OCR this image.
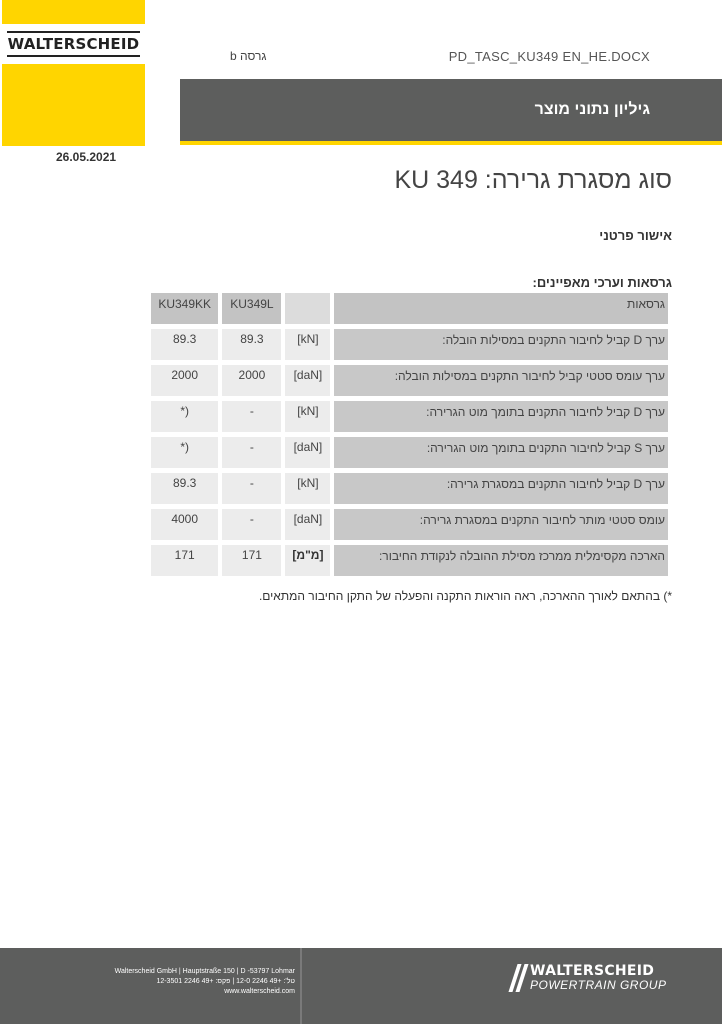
WALTERSCHEID
גרסה b	PD_TASC_KU349 EN_HE.DOCX
גיליון נתוני מוצר
26.05.2021
סוג מסגרת גרירה: KU 349
אישור פרטני
גרסאות וערכי מאפיינים:
KU349KK	KU349L		גרסאות
89.3	89.3	[kN]	ערך D קביל לחיבור התקנים במסילות הובלה:
2000	2000	[daN]	ערך עומס סטטי קביל לחיבור התקנים במסילות הובלה:
*)	-	[kN]	ערך D קביל לחיבור התקנים בתומך מוט הגרירה:
*)	-	[daN]	ערך S קביל לחיבור התקנים בתומך מוט הגרירה:
89.3	-	[kN]	ערך D קביל לחיבור התקנים במסגרת גרירה:
4000	-	[daN]	עומס סטטי מותר לחיבור התקנים במסגרת גרירה:
171	171	[מ"מ]	הארכה מקסימלית ממרכז מסילת ההובלה לנקודת החיבור:
*) בהתאם לאורך ההארכה, ראה הוראות התקנה והפעלה של התקן החיבור המתאים.
Walterscheid GmbH | Hauptstraße 150 | D -53797 Lohmar
טל': +49 2246 12-0 | פקס: +49 2246 12-3501
www.walterscheid.com
WALTERSCHEID
POWERTRAIN GROUP
